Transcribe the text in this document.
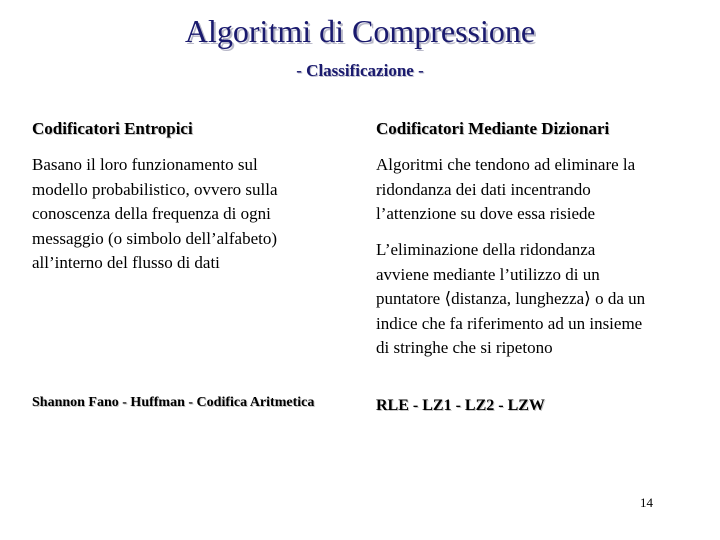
Algoritmi di Compressione
- Classificazione -
Codificatori Entropici	Codificatori Mediante Dizionari
Basano il loro funzionamento sul
modello probabilistico, ovvero sulla
conoscenza della frequenza di ogni
messaggio (o simbolo dell’alfabeto)
all’interno del flusso di dati
Algoritmi che tendono ad eliminare la
ridondanza dei dati incentrando
l’attenzione su dove essa risiede
L’eliminazione della ridondanza
avviene mediante l’utilizzo di un
puntatore ⟨distanza, lunghezza⟩ o da un
indice che fa riferimento ad un insieme
di stringhe che si ripetono
Shannon Fano - Huffman - Codifica Aritmetica	RLE - LZ1 - LZ2 - LZW
14
